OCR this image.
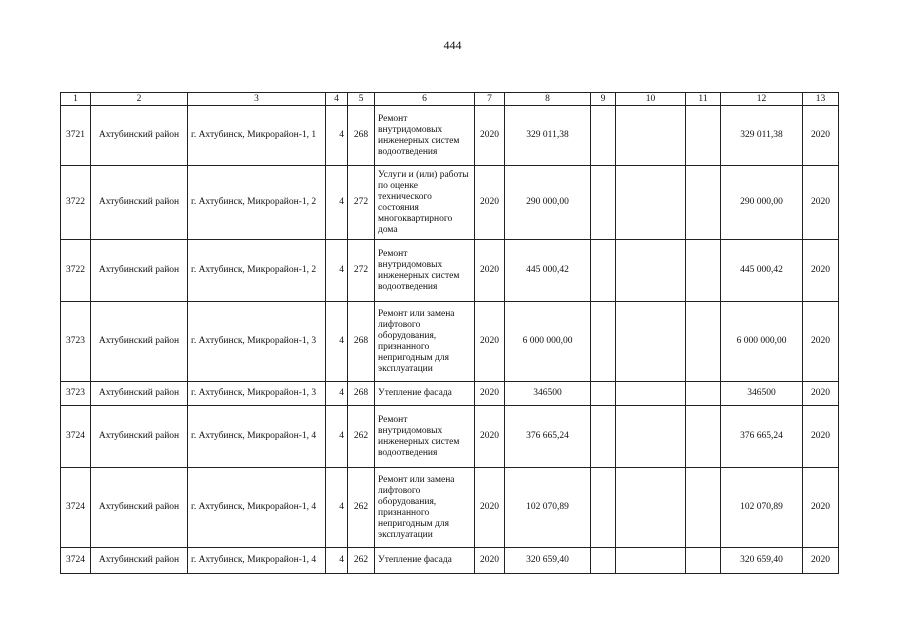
444
1	2	3	4	5	6	7	8	9	10	11	12	13
3721	Ахтубинский район	г. Ахтубинск, Микрорайон-1, 1	4	268	Ремонт внутридомовых инженерных систем водоотведения	2020	329 011,38				329 011,38	2020
3722	Ахтубинский район	г. Ахтубинск, Микрорайон-1, 2	4	272	Услуги и (или) работы по оценке технического состояния многоквартирного дома	2020	290 000,00				290 000,00	2020
3722	Ахтубинский район	г. Ахтубинск, Микрорайон-1, 2	4	272	Ремонт внутридомовых инженерных систем водоотведения	2020	445 000,42				445 000,42	2020
3723	Ахтубинский район	г. Ахтубинск, Микрорайон-1, 3	4	268	Ремонт или замена лифтового оборудования, признанного непригодным для эксплуатации	2020	6 000 000,00				6 000 000,00	2020
3723	Ахтубинский район	г. Ахтубинск, Микрорайон-1, 3	4	268	Утепление фасада	2020	346500				346500	2020
3724	Ахтубинский район	г. Ахтубинск, Микрорайон-1, 4	4	262	Ремонт внутридомовых инженерных систем водоотведения	2020	376 665,24				376 665,24	2020
3724	Ахтубинский район	г. Ахтубинск, Микрорайон-1, 4	4	262	Ремонт или замена лифтового оборудования, признанного непригодным для эксплуатации	2020	102 070,89				102 070,89	2020
3724	Ахтубинский район	г. Ахтубинск, Микрорайон-1, 4	4	262	Утепление фасада	2020	320 659,40				320 659,40	2020
